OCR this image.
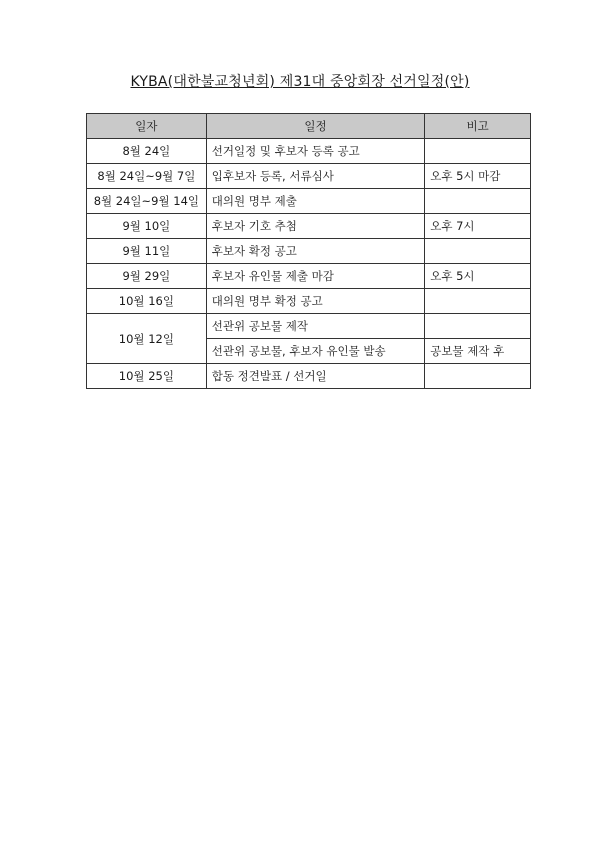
KYBA(대한불교청년회) 제31대 중앙회장 선거일정(안)
일자	일정	비고
8월 24일	선거일정 및 후보자 등록 공고	
8월 24일~9월 7일	입후보자 등록, 서류심사	오후 5시 마감
8월 24일~9월 14일	대의원 명부 제출	
9월 10일	후보자 기호 추첨	오후 7시
9월 11일	후보자 확정 공고	
9월 29일	후보자 유인물 제출 마감	오후 5시
10월 16일	대의원 명부 확정 공고	
10월 12일	선관위 공보물 제작	
	선관위 공보물, 후보자 유인물 발송	공보물 제작 후
10월 25일	합동 정견발표 / 선거일	
